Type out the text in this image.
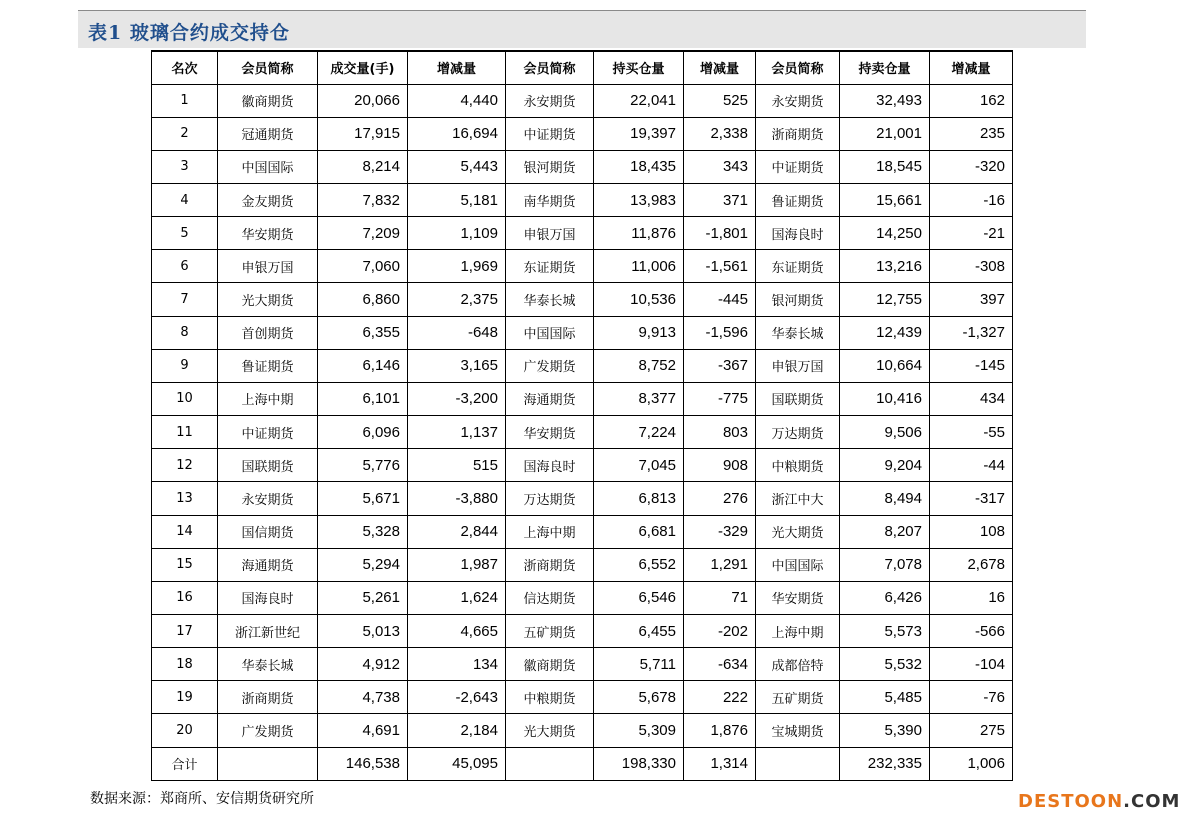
表1 玻璃合约成交持仓
名次	会员简称	成交量(手)	增减量	会员简称	持买仓量	增减量	会员简称	持卖仓量	增减量
1	徽商期货	20,066	4,440	永安期货	22,041	525	永安期货	32,493	162
2	冠通期货	17,915	16,694	中证期货	19,397	2,338	浙商期货	21,001	235
3	中国国际	8,214	5,443	银河期货	18,435	343	中证期货	18,545	-320
4	金友期货	7,832	5,181	南华期货	13,983	371	鲁证期货	15,661	-16
5	华安期货	7,209	1,109	申银万国	11,876	-1,801	国海良时	14,250	-21
6	申银万国	7,060	1,969	东证期货	11,006	-1,561	东证期货	13,216	-308
7	光大期货	6,860	2,375	华泰长城	10,536	-445	银河期货	12,755	397
8	首创期货	6,355	-648	中国国际	9,913	-1,596	华泰长城	12,439	-1,327
9	鲁证期货	6,146	3,165	广发期货	8,752	-367	申银万国	10,664	-145
10	上海中期	6,101	-3,200	海通期货	8,377	-775	国联期货	10,416	434
11	中证期货	6,096	1,137	华安期货	7,224	803	万达期货	9,506	-55
12	国联期货	5,776	515	国海良时	7,045	908	中粮期货	9,204	-44
13	永安期货	5,671	-3,880	万达期货	6,813	276	浙江中大	8,494	-317
14	国信期货	5,328	2,844	上海中期	6,681	-329	光大期货	8,207	108
15	海通期货	5,294	1,987	浙商期货	6,552	1,291	中国国际	7,078	2,678
16	国海良时	5,261	1,624	信达期货	6,546	71	华安期货	6,426	16
17	浙江新世纪	5,013	4,665	五矿期货	6,455	-202	上海中期	5,573	-566
18	华泰长城	4,912	134	徽商期货	5,711	-634	成都倍特	5,532	-104
19	浙商期货	4,738	-2,643	中粮期货	5,678	222	五矿期货	5,485	-76
20	广发期货	4,691	2,184	光大期货	5,309	1,876	宝城期货	5,390	275
合计		146,538	45,095		198,330	1,314		232,335	1,006
数据来源：郑商所、安信期货研究所	DESTOON.COM
